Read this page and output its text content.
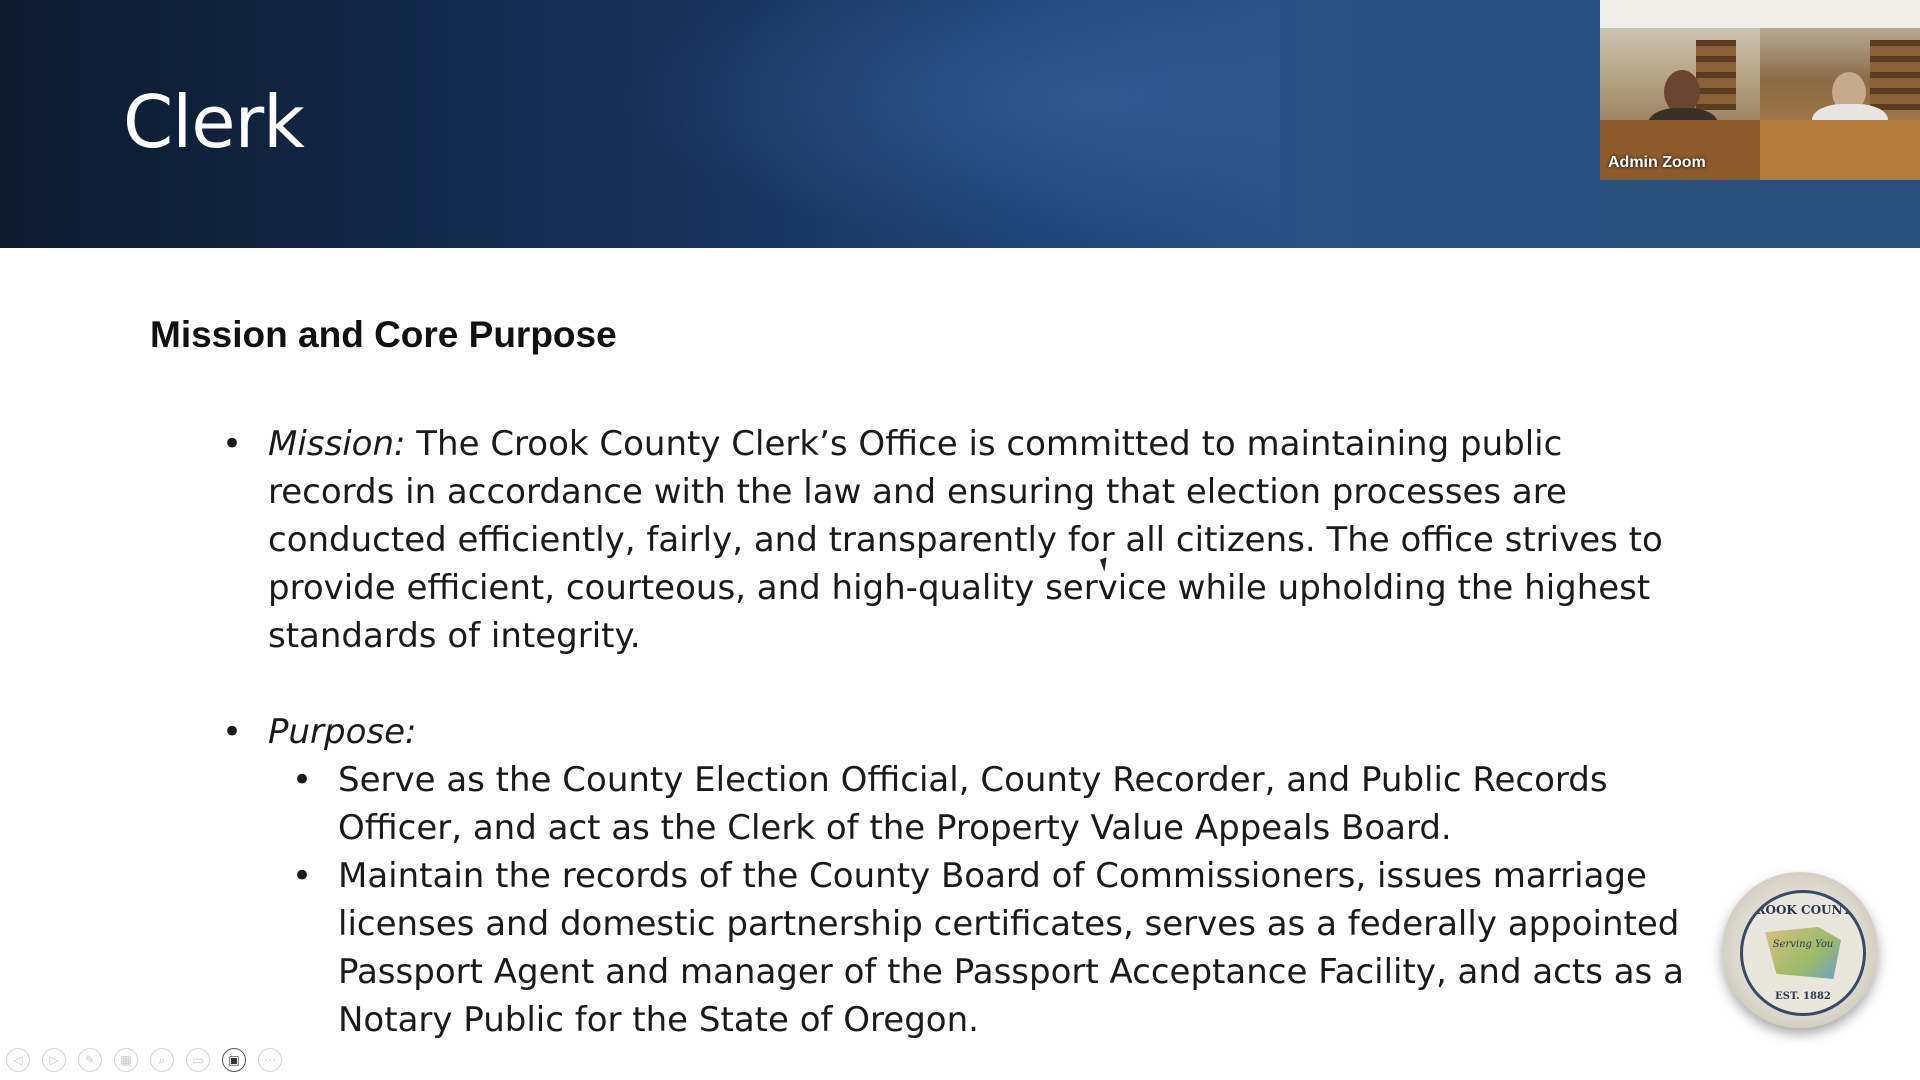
Clerk	Admin Zoom
Mission and Core Purpose
• Mission: The Crook County Clerk’s Office is committed to maintaining public records in accordance with the law and ensuring that election processes are conducted efficiently, fairly, and transparently for all citizens. The office strives to provide efficient, courteous, and high-quality service while upholding the highest standards of integrity.
• Purpose:
• Serve as the County Election Official, County Recorder, and Public Records Officer, and act as the Clerk of the Property Value Appeals Board.
• Maintain the records of the County Board of Commissioners, issues marriage licenses and domestic partnership certificates, serves as a federally appointed Passport Agent and manager of the Passport Acceptance Facility, and acts as a Notary Public for the State of Oregon.
CROOK COUNTY
Serving You
EST. 1882
◁	▷	✎	▦	⌕	▭	▣	⋯
